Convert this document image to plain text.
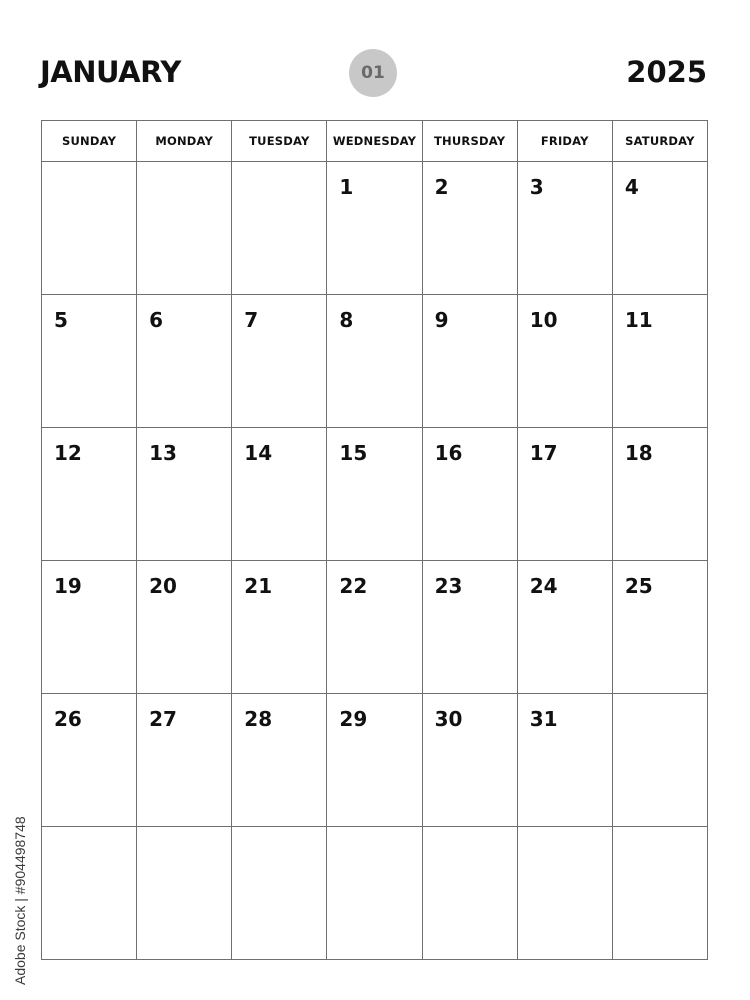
JANUARY	01	2025
SUNDAY	MONDAY	TUESDAY	WEDNESDAY	THURSDAY	FRIDAY	SATURDAY

			1	2	3	4

5	6	7	8	9	10	11

12	13	14	15	16	17	18

19	20	21	22	23	24	25

26	27	28	29	30	31	

Adobe Stock | #904498748
